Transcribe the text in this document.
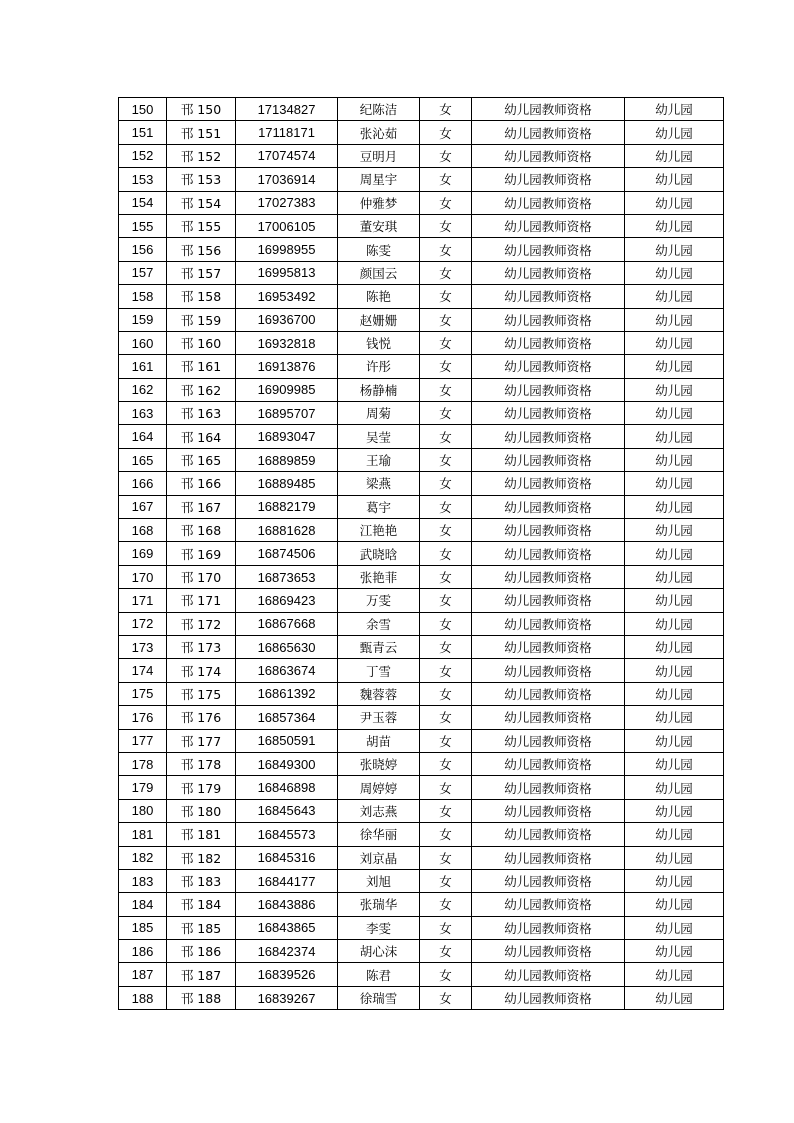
150	邗 150	17134827	纪陈洁	女	幼儿园教师资格	幼儿园
151	邗 151	17118171	张沁茹	女	幼儿园教师资格	幼儿园
152	邗 152	17074574	豆明月	女	幼儿园教师资格	幼儿园
153	邗 153	17036914	周星宇	女	幼儿园教师资格	幼儿园
154	邗 154	17027383	仲雅梦	女	幼儿园教师资格	幼儿园
155	邗 155	17006105	董安琪	女	幼儿园教师资格	幼儿园
156	邗 156	16998955	陈雯	女	幼儿园教师资格	幼儿园
157	邗 157	16995813	颜国云	女	幼儿园教师资格	幼儿园
158	邗 158	16953492	陈艳	女	幼儿园教师资格	幼儿园
159	邗 159	16936700	赵姗姗	女	幼儿园教师资格	幼儿园
160	邗 160	16932818	钱悦	女	幼儿园教师资格	幼儿园
161	邗 161	16913876	许彤	女	幼儿园教师资格	幼儿园
162	邗 162	16909985	杨静楠	女	幼儿园教师资格	幼儿园
163	邗 163	16895707	周菊	女	幼儿园教师资格	幼儿园
164	邗 164	16893047	吴莹	女	幼儿园教师资格	幼儿园
165	邗 165	16889859	王瑜	女	幼儿园教师资格	幼儿园
166	邗 166	16889485	梁燕	女	幼儿园教师资格	幼儿园
167	邗 167	16882179	葛宇	女	幼儿园教师资格	幼儿园
168	邗 168	16881628	江艳艳	女	幼儿园教师资格	幼儿园
169	邗 169	16874506	武晓晗	女	幼儿园教师资格	幼儿园
170	邗 170	16873653	张艳菲	女	幼儿园教师资格	幼儿园
171	邗 171	16869423	万雯	女	幼儿园教师资格	幼儿园
172	邗 172	16867668	余雪	女	幼儿园教师资格	幼儿园
173	邗 173	16865630	甄青云	女	幼儿园教师资格	幼儿园
174	邗 174	16863674	丁雪	女	幼儿园教师资格	幼儿园
175	邗 175	16861392	魏蓉蓉	女	幼儿园教师资格	幼儿园
176	邗 176	16857364	尹玉蓉	女	幼儿园教师资格	幼儿园
177	邗 177	16850591	胡苗	女	幼儿园教师资格	幼儿园
178	邗 178	16849300	张晓婷	女	幼儿园教师资格	幼儿园
179	邗 179	16846898	周婷婷	女	幼儿园教师资格	幼儿园
180	邗 180	16845643	刘志燕	女	幼儿园教师资格	幼儿园
181	邗 181	16845573	徐华丽	女	幼儿园教师资格	幼儿园
182	邗 182	16845316	刘京晶	女	幼儿园教师资格	幼儿园
183	邗 183	16844177	刘旭	女	幼儿园教师资格	幼儿园
184	邗 184	16843886	张瑞华	女	幼儿园教师资格	幼儿园
185	邗 185	16843865	李雯	女	幼儿园教师资格	幼儿园
186	邗 186	16842374	胡心沫	女	幼儿园教师资格	幼儿园
187	邗 187	16839526	陈君	女	幼儿园教师资格	幼儿园
188	邗 188	16839267	徐瑞雪	女	幼儿园教师资格	幼儿园
